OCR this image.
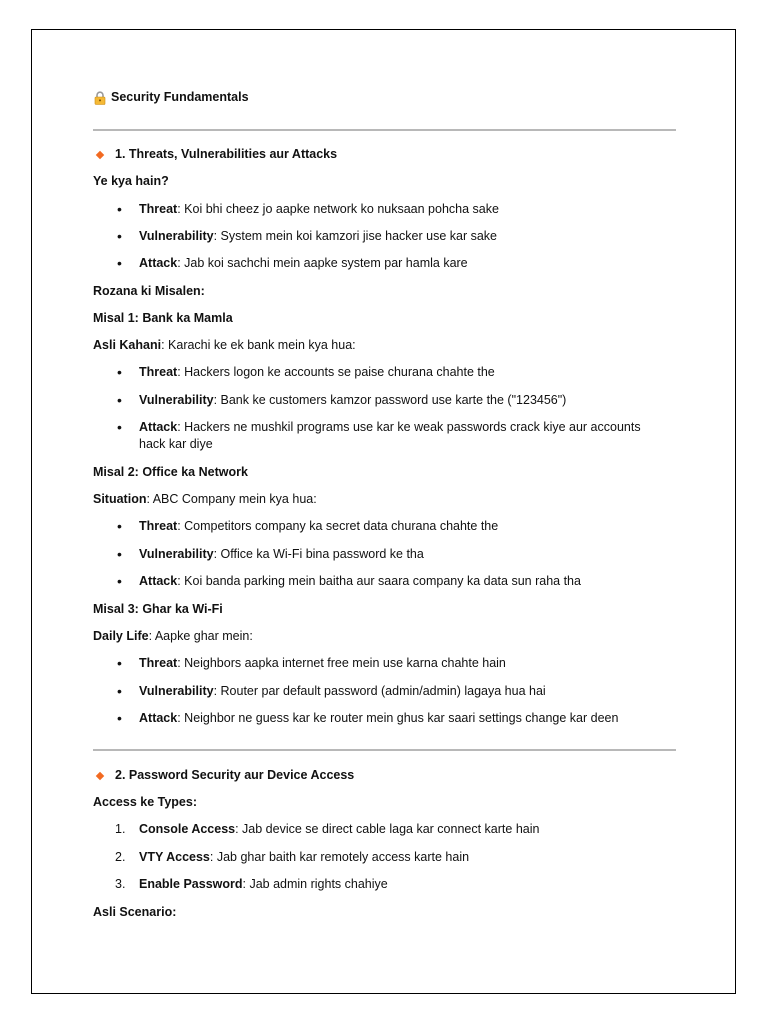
Security Fundamentals
1. Threats, Vulnerabilities aur Attacks
Ye kya hain?
• Threat: Koi bhi cheez jo aapke network ko nuksaan pohcha sake
• Vulnerability: System mein koi kamzori jise hacker use kar sake
• Attack: Jab koi sachchi mein aapke system par hamla kare
Rozana ki Misalen:
Misal 1: Bank ka Mamla
Asli Kahani: Karachi ke ek bank mein kya hua:
• Threat: Hackers logon ke accounts se paise churana chahte the
• Vulnerability: Bank ke customers kamzor password use karte the ("123456")
• Attack: Hackers ne mushkil programs use kar ke weak passwords crack kiye aur accounts hack kar diye
Misal 2: Office ka Network
Situation: ABC Company mein kya hua:
• Threat: Competitors company ka secret data churana chahte the
• Vulnerability: Office ka Wi-Fi bina password ke tha
• Attack: Koi banda parking mein baitha aur saara company ka data sun raha tha
Misal 3: Ghar ka Wi-Fi
Daily Life: Aapke ghar mein:
• Threat: Neighbors aapka internet free mein use karna chahte hain
• Vulnerability: Router par default password (admin/admin) lagaya hua hai
• Attack: Neighbor ne guess kar ke router mein ghus kar saari settings change kar deen
2. Password Security aur Device Access
Access ke Types:
1. Console Access: Jab device se direct cable laga kar connect karte hain
2. VTY Access: Jab ghar baith kar remotely access karte hain
3. Enable Password: Jab admin rights chahiye
Asli Scenario:
